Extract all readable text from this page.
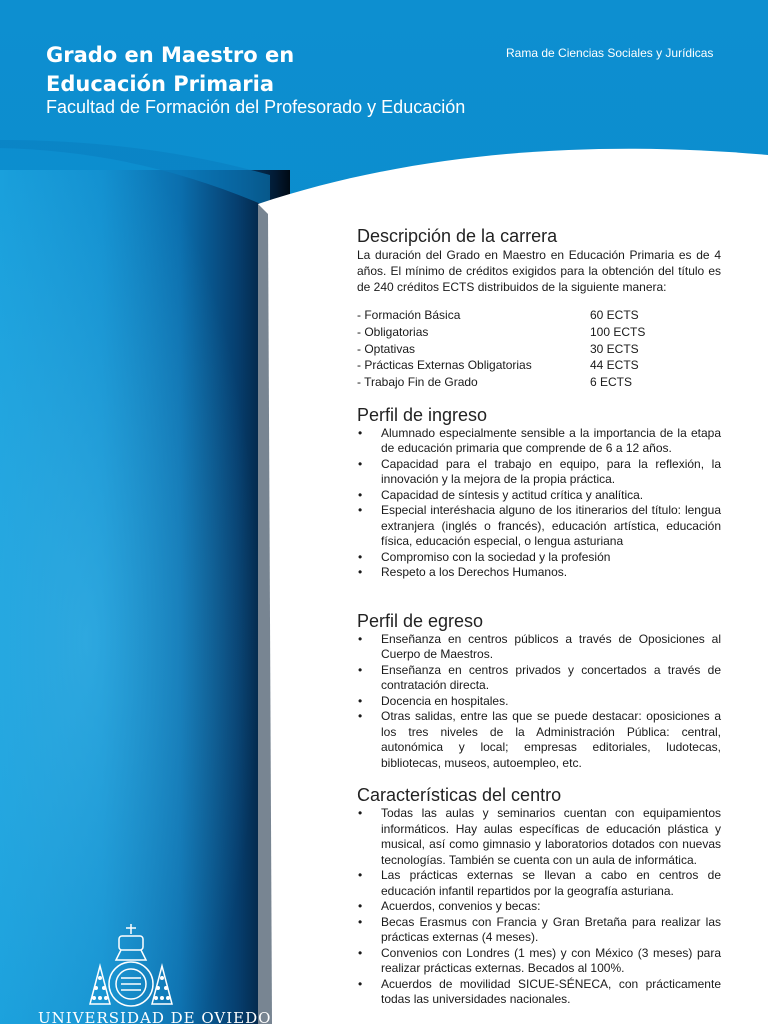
Grado en Maestro en
Educación Primaria

Facultad de Formación del Profesorado y Educación

Rama de Ciencias Sociales y Jurídicas

Descripción de la carrera

La duración del Grado en Maestro en Educación Primaria es de 4 años. El mínimo de créditos exigidos para la obtención del título es de 240 créditos ECTS distribuidos de la siguiente manera:

- Formación Básica	60 ECTS
- Obligatorias	100 ECTS
- Optativas	30 ECTS
- Prácticas Externas Obligatorias	44 ECTS
- Trabajo Fin de Grado	6 ECTS
Perfil de ingreso
• Alumnado especialmente sensible a la importancia de la etapa de educación primaria que comprende de 6 a 12 años.
• Capacidad para el trabajo en equipo, para la reflexión, la innovación y la mejora de la propia práctica.
• Capacidad de síntesis y actitud crítica y analítica.
• Especial interéshacia alguno de los itinerarios del título: lengua extranjera (inglés o francés), educación artística, educación física, educación especial, o lengua asturiana
• Compromiso con la sociedad y la profesión
• Respeto a los Derechos Humanos.
Perfil de egreso
• Enseñanza en centros públicos a través de Oposiciones al Cuerpo de Maestros.
• Enseñanza en centros privados y concertados a través de contratación directa.
• Docencia en hospitales.
• Otras salidas, entre las que se puede destacar: oposiciones a los tres niveles de la Administración Pública: central, autonómica y local; empresas editoriales, ludotecas, bibliotecas, museos, autoempleo, etc.
Características del centro
• Todas las aulas y seminarios cuentan con equipamientos informáticos. Hay aulas específicas de educación plástica y musical, así como gimnasio y laboratorios dotados con nuevas tecnologías. También se cuenta con un aula de informática.
• Las prácticas externas se llevan a cabo en centros de educación infantil repartidos por la geografía asturiana.
• Acuerdos, convenios y becas:
• Becas Erasmus con Francia y Gran Bretaña para realizar las prácticas externas (4 meses).
• Convenios con Londres (1 mes) y con México (3 meses) para realizar prácticas externas. Becados al 100%.
• Acuerdos de movilidad SICUE-SÉNECA, con prácticamente todas las universidades nacionales.

UNIVERSIDAD DE OVIEDO
